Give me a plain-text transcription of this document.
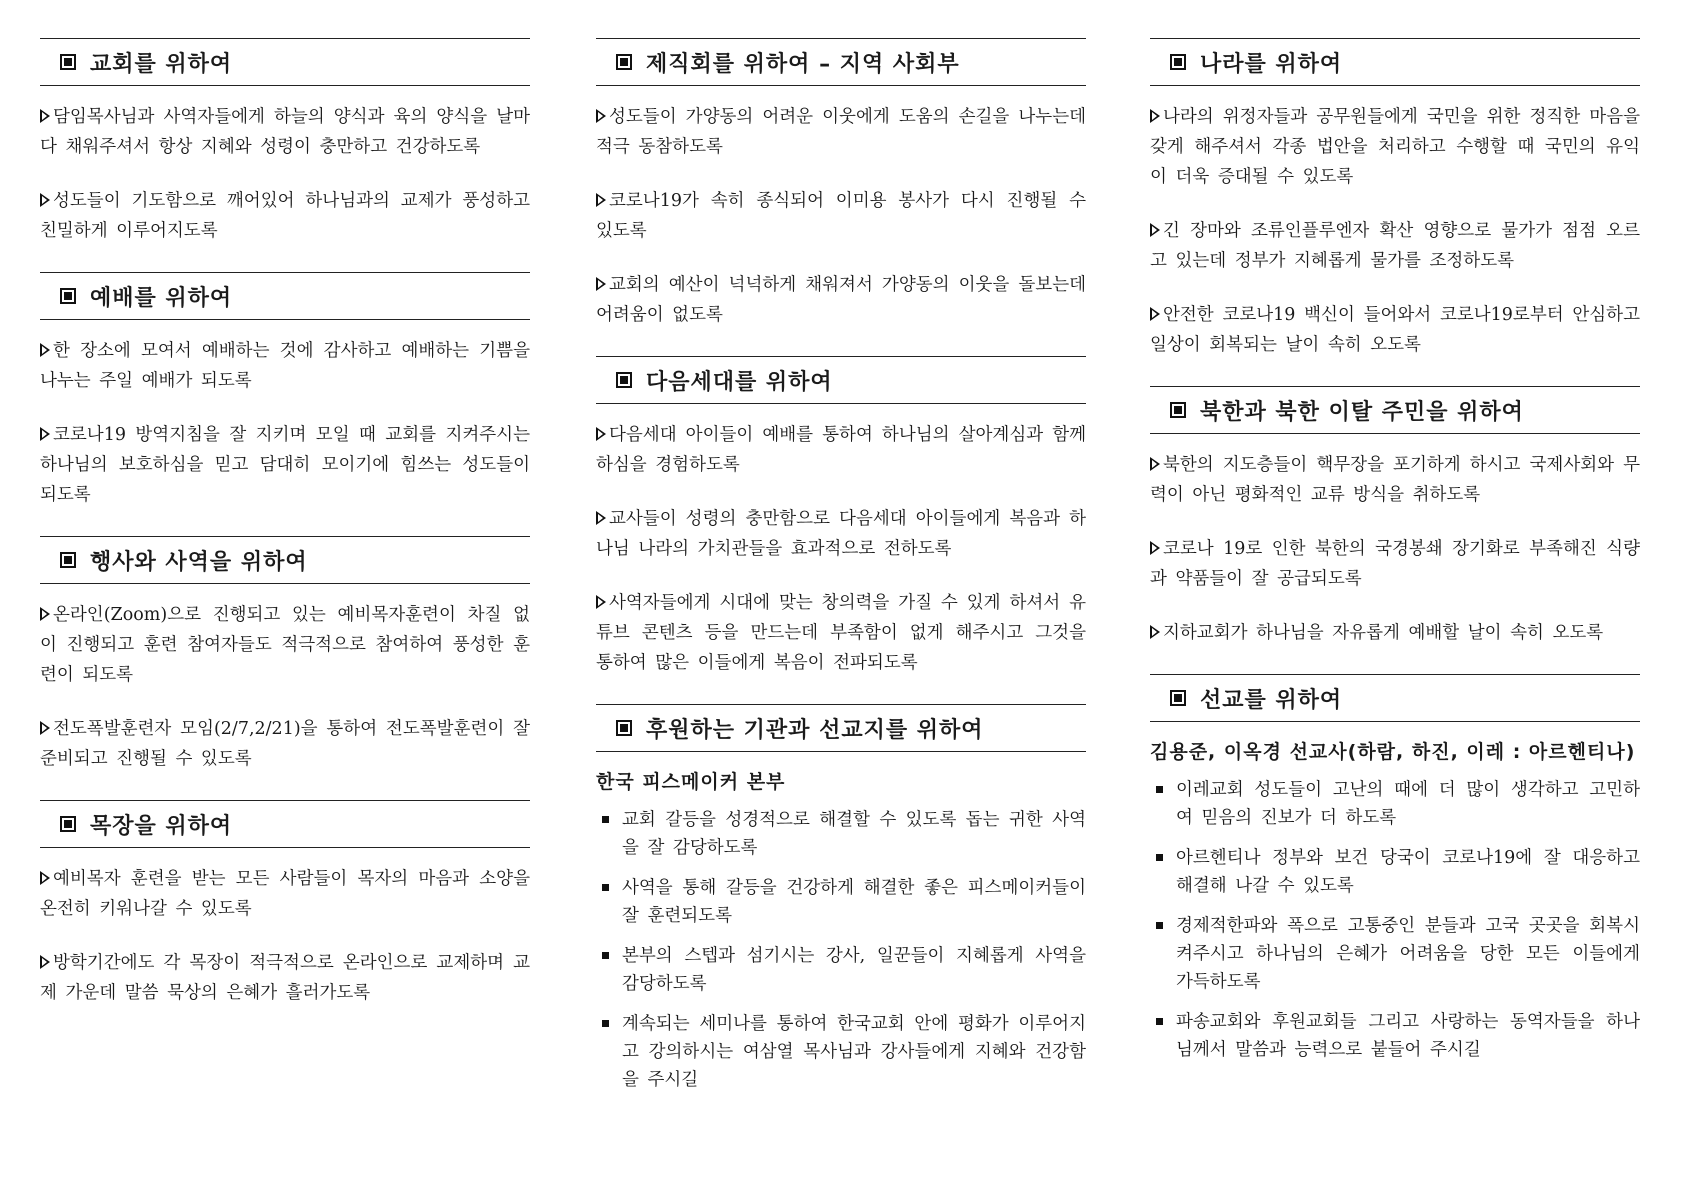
교회를 위하여

담임목사님과 사역자들에게 하늘의 양식과 육의 양식을 날마다 채워주셔서 항상 지혜와 성령이 충만하고 건강하도록

성도들이 기도함으로 깨어있어 하나님과의 교제가 풍성하고 친밀하게 이루어지도록

예배를 위하여

한 장소에 모여서 예배하는 것에 감사하고 예배하는 기쁨을 나누는 주일 예배가 되도록

코로나19 방역지침을 잘 지키며 모일 때 교회를 지켜주시는 하나님의 보호하심을 믿고 담대히 모이기에 힘쓰는 성도들이 되도록

행사와 사역을 위하여

온라인(Zoom)으로 진행되고 있는 예비목자훈련이 차질 없이 진행되고 훈련 참여자들도 적극적으로 참여하여 풍성한 훈련이 되도록

전도폭발훈련자 모임(2/7,2/21)을 통하여 전도폭발훈련이 잘 준비되고 진행될 수 있도록

목장을 위하여

예비목자 훈련을 받는 모든 사람들이 목자의 마음과 소양을 온전히 키워나갈 수 있도록

방학기간에도 각 목장이 적극적으로 온라인으로 교제하며 교제 가운데 말씀 묵상의 은혜가 흘러가도록

제직회를 위하여 – 지역 사회부

성도들이 가양동의 어려운 이웃에게 도움의 손길을 나누는데 적극 동참하도록

코로나19가 속히 종식되어 이미용 봉사가 다시 진행될 수 있도록

교회의 예산이 넉넉하게 채워져서 가양동의 이웃을 돌보는데 어려움이 없도록

다음세대를 위하여

다음세대 아이들이 예배를 통하여 하나님의 살아계심과 함께하심을 경험하도록

교사들이 성령의 충만함으로 다음세대 아이들에게 복음과 하나님 나라의 가치관들을 효과적으로 전하도록

사역자들에게 시대에 맞는 창의력을 가질 수 있게 하셔서 유튜브 콘텐츠 등을 만드는데 부족함이 없게 해주시고 그것을 통하여 많은 이들에게 복음이 전파되도록

후원하는 기관과 선교지를 위하여
한국 피스메이커 본부
교회 갈등을 성경적으로 해결할 수 있도록 돕는 귀한 사역을 잘 감당하도록
사역을 통해 갈등을 건강하게 해결한 좋은 피스메이커들이 잘 훈련되도록
본부의 스텝과 섬기시는 강사, 일꾼들이 지혜롭게 사역을 감당하도록
계속되는 세미나를 통하여 한국교회 안에 평화가 이루어지고 강의하시는 여삼열 목사님과 강사들에게 지혜와 건강함을 주시길
나라를 위하여

나라의 위정자들과 공무원들에게 국민을 위한 정직한 마음을 갖게 해주셔서 각종 법안을 처리하고 수행할 때 국민의 유익이 더욱 증대될 수 있도록

긴 장마와 조류인플루엔자 확산 영향으로 물가가 점점 오르고 있는데 정부가 지혜롭게 물가를 조정하도록

안전한 코로나19 백신이 들어와서 코로나19로부터 안심하고 일상이 회복되는 날이 속히 오도록

북한과 북한 이탈 주민을 위하여

북한의 지도층들이 핵무장을 포기하게 하시고 국제사회와 무력이 아닌 평화적인 교류 방식을 취하도록

코로나 19로 인한 북한의 국경봉쇄 장기화로 부족해진 식량과 약품들이 잘 공급되도록

지하교회가 하나님을 자유롭게 예배할 날이 속히 오도록

선교를 위하여
김용준, 이옥경 선교사(하람, 하진, 이레 : 아르헨티나)
이레교회 성도들이 고난의 때에 더 많이 생각하고 고민하여 믿음의 진보가 더 하도록
아르헨티나 정부와 보건 당국이 코로나19에 잘 대응하고 해결해 나갈 수 있도록
경제적한파와 폭으로 고통중인 분들과 고국 곳곳을 회복시켜주시고 하나님의 은혜가 어려움을 당한 모든 이들에게 가득하도록
파송교회와 후원교회들 그리고 사랑하는 동역자들을 하나님께서 말씀과 능력으로 붙들어 주시길
